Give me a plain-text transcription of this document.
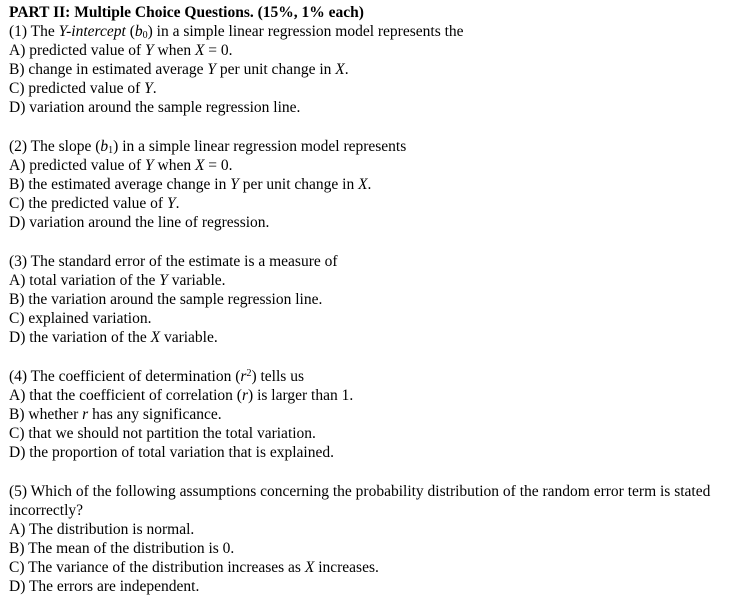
PART II: Multiple Choice Questions. (15%, 1% each)
(1) The Y-intercept $(b_0)$ in a simple linear regression model represents the
A) predicted value of Y when X = 0.
B) change in estimated average Y per unit change in X.
C) predicted value of Y.
D) variation around the sample regression line.
(2) The slope $(b_1)$ in a simple linear regression model represents
A) predicted value of Y when X = 0.
B) the estimated average change in Y per unit change in X.
C) the predicted value of Y.
D) variation around the line of regression.
(3) The standard error of the estimate is a measure of
A) total variation of the Y variable.
B) the variation around the sample regression line.
C) explained variation.
D) the variation of the X variable.
(4) The coefficient of determination $(r^2)$ tells us
A) that the coefficient of correlation (r) is larger than 1.
B) whether r has any significance.
C) that we should not partition the total variation.
D) the proportion of total variation that is explained.
(5) Which of the following assumptions concerning the probability distribution of the random error term is stated incorrectly?
A) The distribution is normal.
B) The mean of the distribution is 0.
C) The variance of the distribution increases as X increases.
D) The errors are independent.
